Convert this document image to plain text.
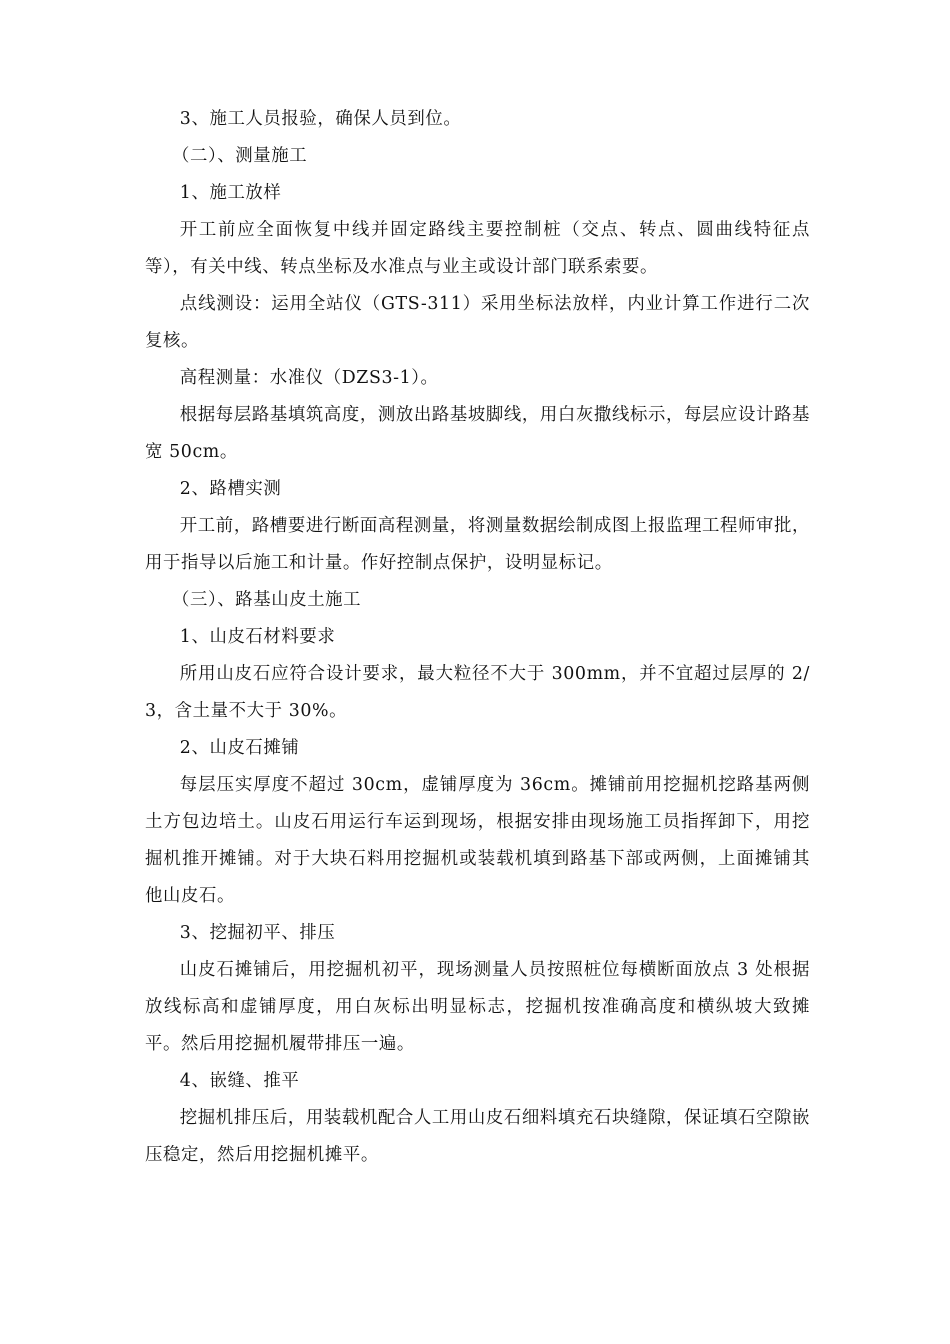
3、施工人员报验，确保人员到位。

（二）、测量施工

1、施工放样

开工前应全面恢复中线并固定路线主要控制桩（交点、转点、圆曲线特征点等），有关中线、转点坐标及水准点与业主或设计部门联系索要。

点线测设：运用全站仪（GTS-311）采用坐标法放样，内业计算工作进行二次复核。

高程测量：水准仪（DZS3-1）。

根据每层路基填筑高度，测放出路基坡脚线，用白灰撒线标示，每层应设计路基宽 50cm。

2、路槽实测

开工前，路槽要进行断面高程测量，将测量数据绘制成图上报监理工程师审批，用于指导以后施工和计量。作好控制点保护，设明显标记。

（三）、路基山皮土施工

1、山皮石材料要求

所用山皮石应符合设计要求，最大粒径不大于 300mm，并不宜超过层厚的 2/3，含土量不大于 30%。

2、山皮石摊铺

每层压实厚度不超过 30cm，虚铺厚度为 36cm。摊铺前用挖掘机挖路基两侧土方包边培土。山皮石用运行车运到现场，根据安排由现场施工员指挥卸下，用挖掘机推开摊铺。对于大块石料用挖掘机或装载机填到路基下部或两侧，上面摊铺其他山皮石。

3、挖掘初平、排压

山皮石摊铺后，用挖掘机初平，现场测量人员按照桩位每横断面放点 3 处根据放线标高和虚铺厚度，用白灰标出明显标志，挖掘机按准确高度和横纵坡大致摊平。然后用挖掘机履带排压一遍。

4、嵌缝、推平

挖掘机排压后，用装载机配合人工用山皮石细料填充石块缝隙，保证填石空隙嵌压稳定，然后用挖掘机摊平。
